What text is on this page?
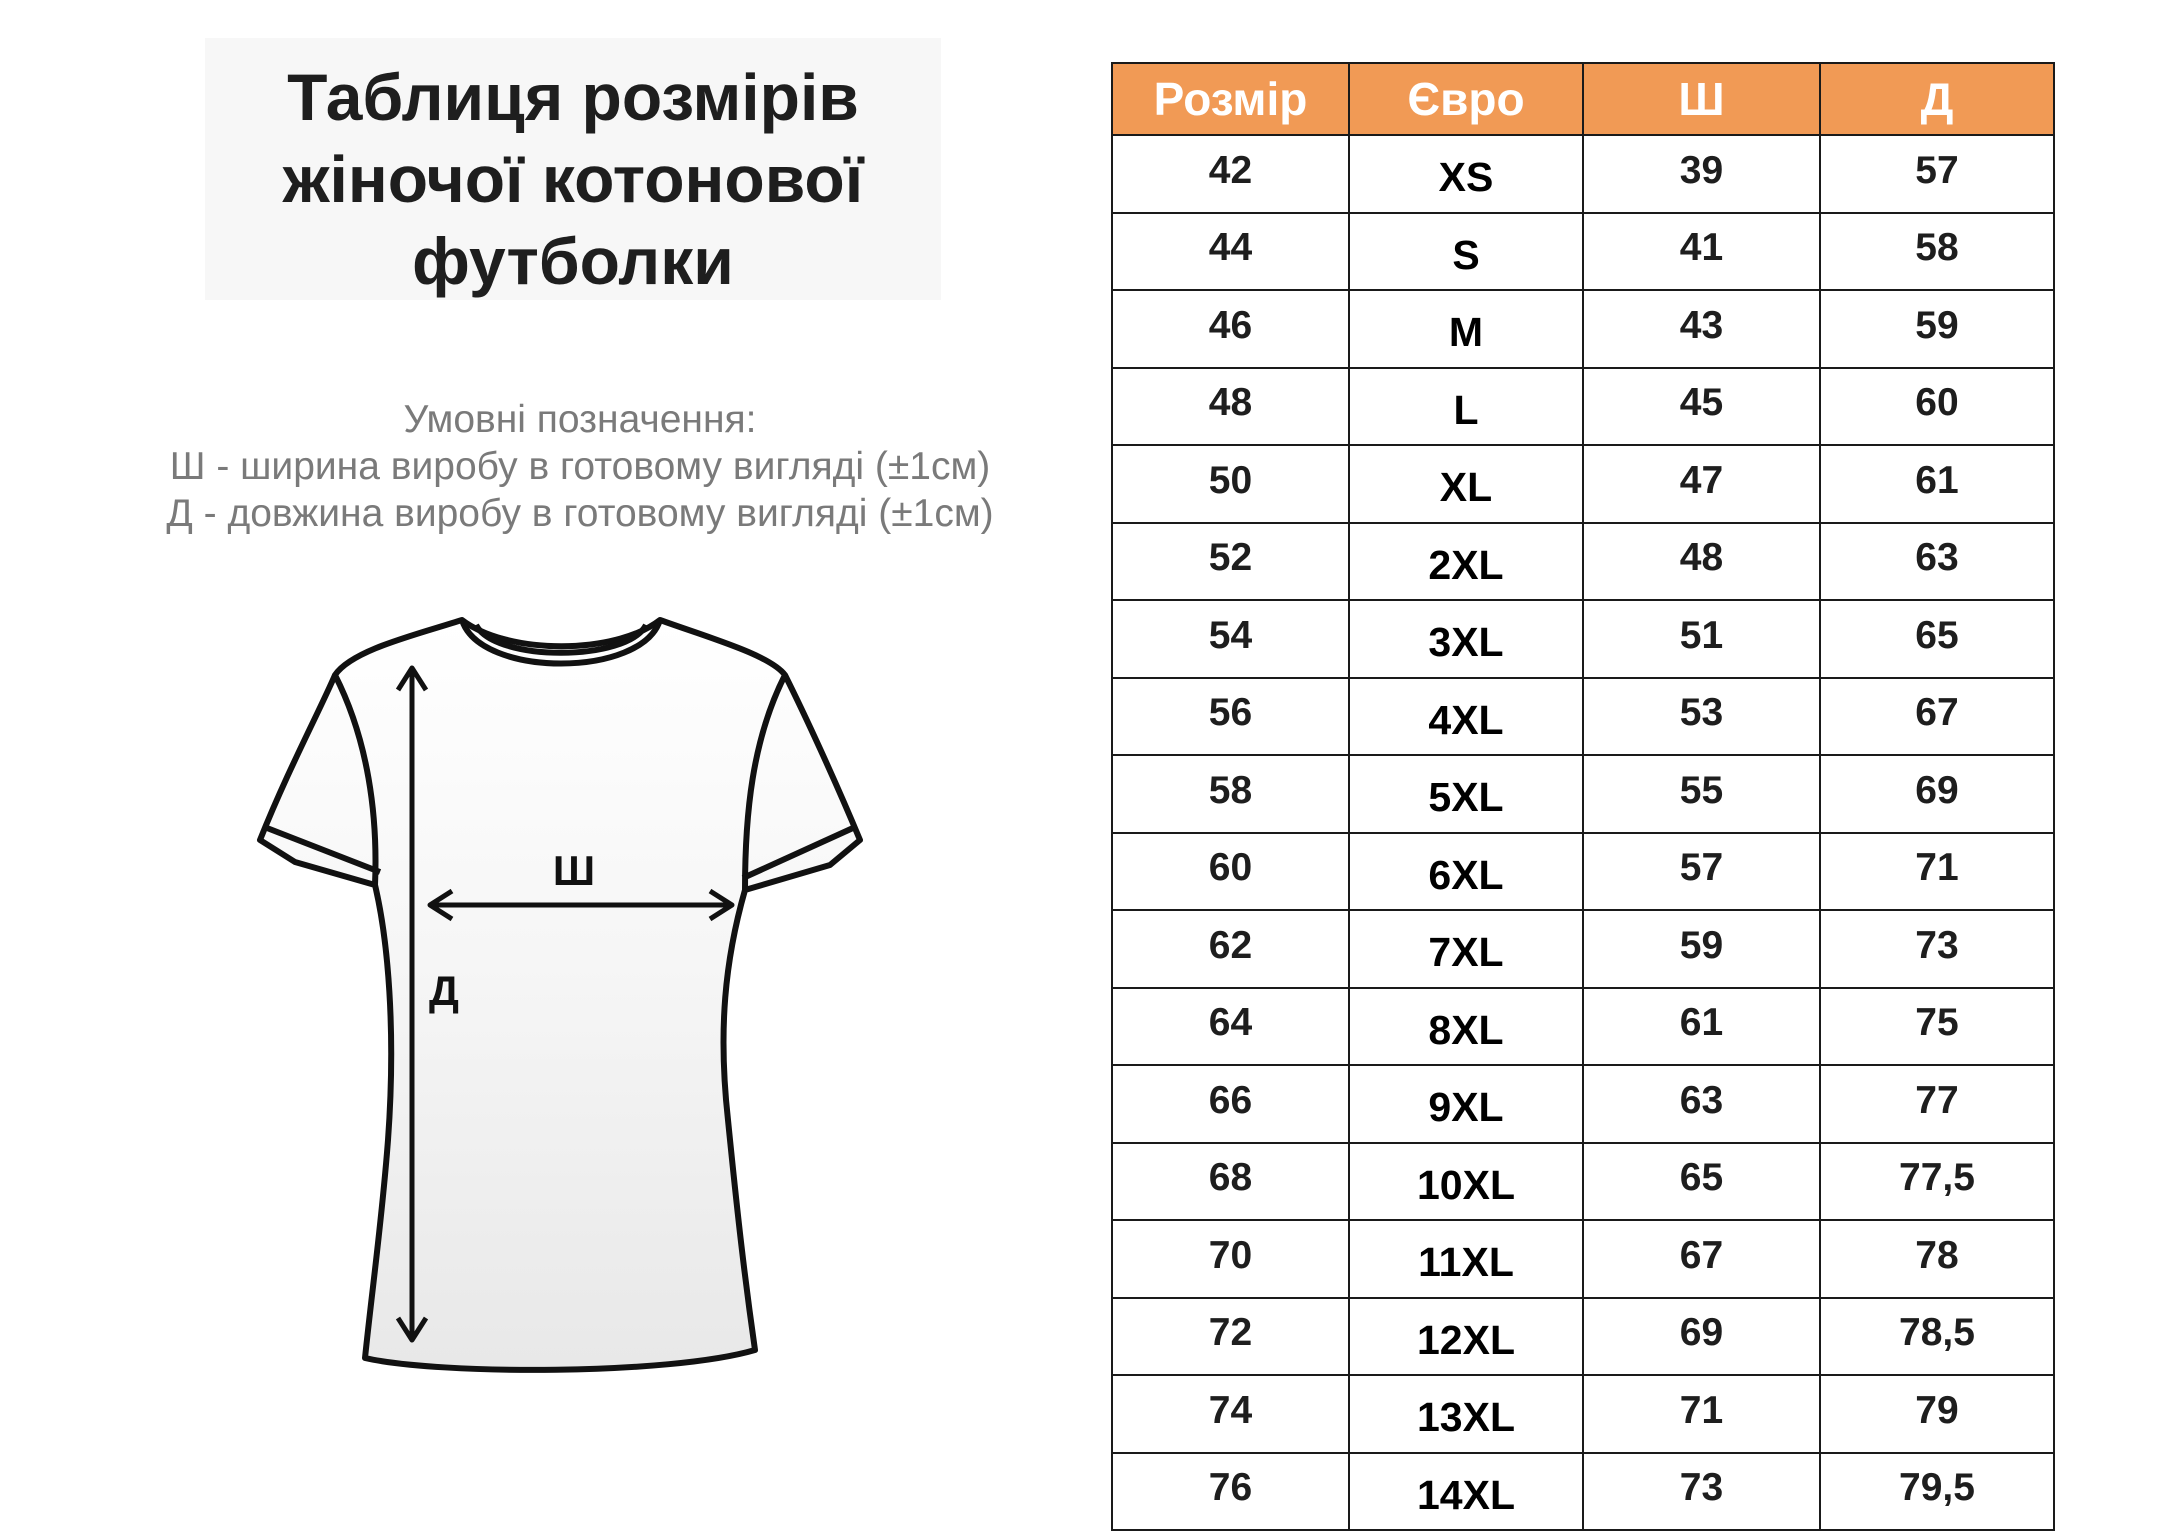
Таблиця розмірів
жіночої котонової
футболки
Умовні позначення:
Ш - ширина виробу в готовому вигляді (±1см)
Д - довжина виробу в готовому вигляді (±1см)
Ш
Д
Розмір	Євро	Ш	Д
42	XS	39	57
44	S	41	58
46	M	43	59
48	L	45	60
50	XL	47	61
52	2XL	48	63
54	3XL	51	65
56	4XL	53	67
58	5XL	55	69
60	6XL	57	71
62	7XL	59	73
64	8XL	61	75
66	9XL	63	77
68	10XL	65	77,5
70	11XL	67	78
72	12XL	69	78,5
74	13XL	71	79
76	14XL	73	79,5
